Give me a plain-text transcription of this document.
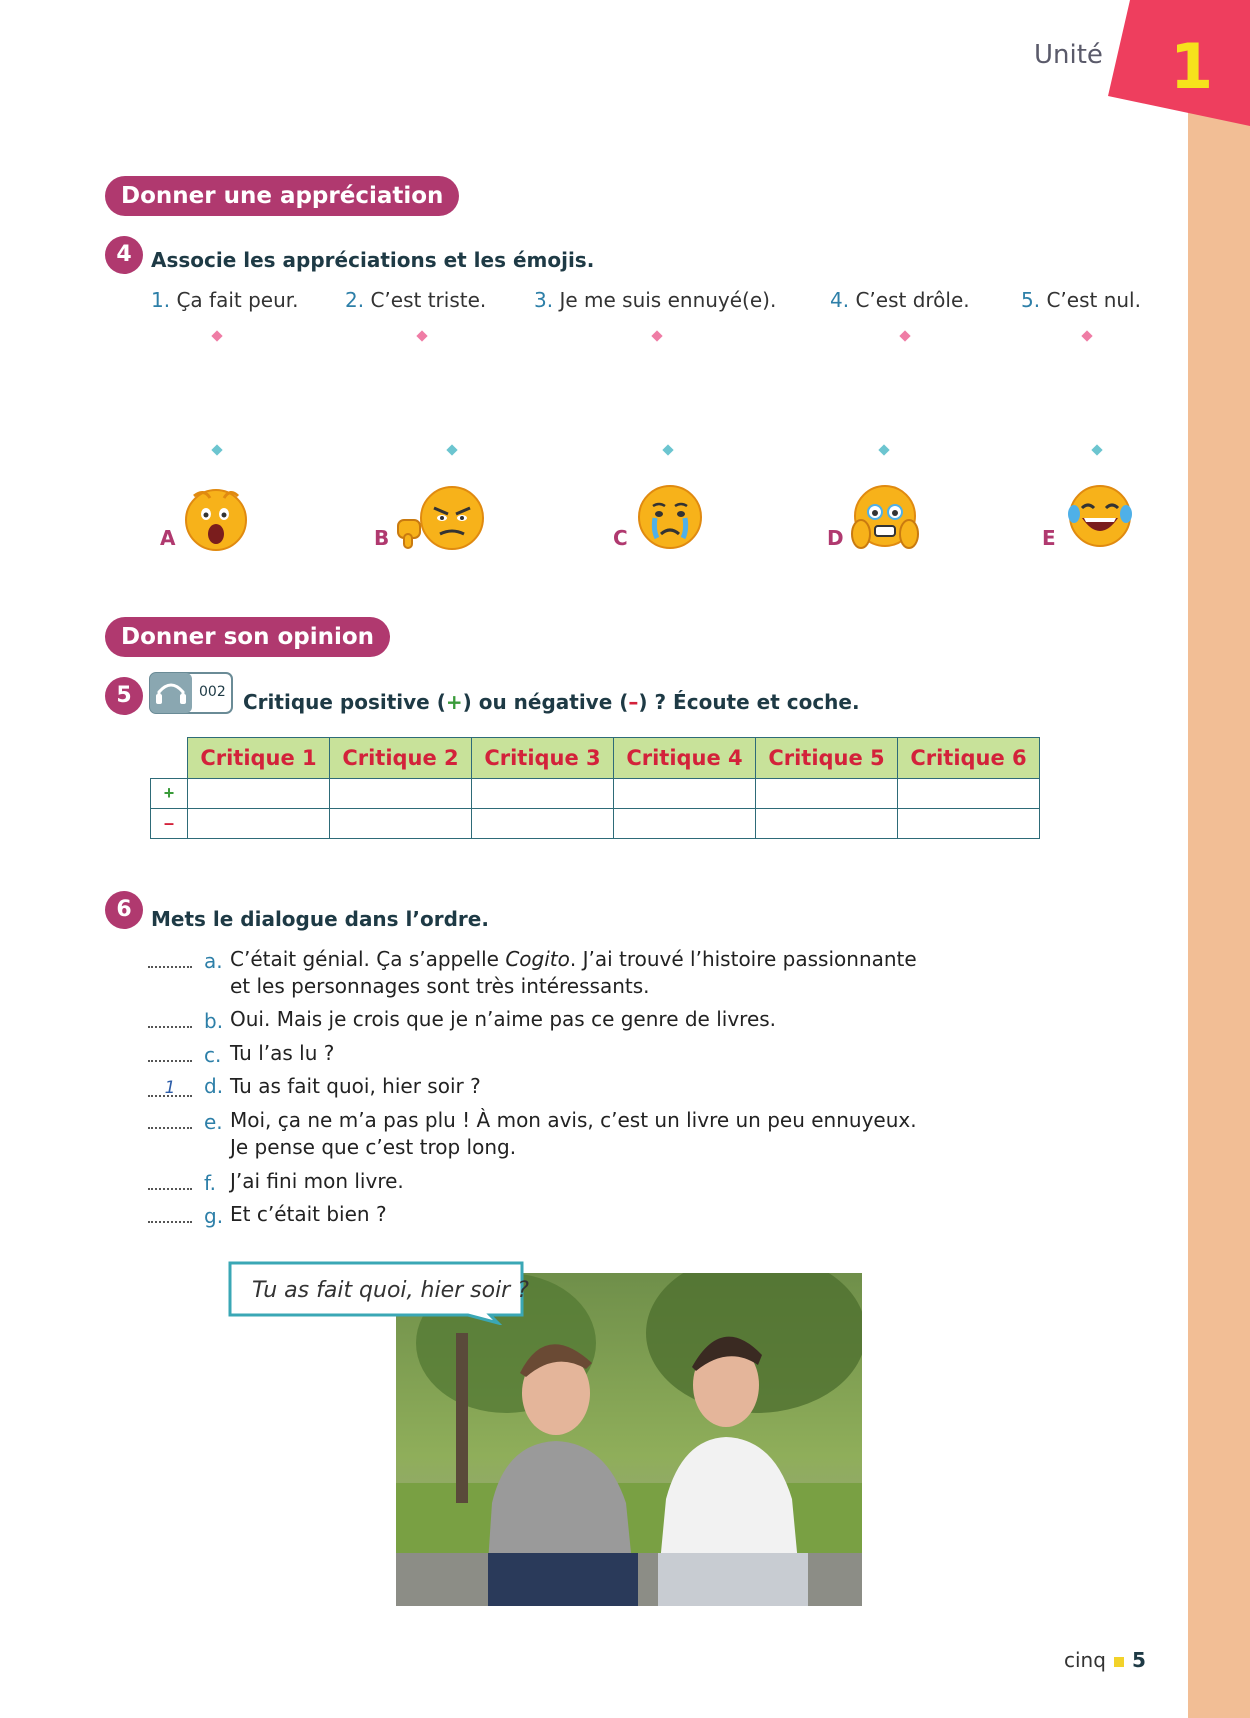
Unité 1
Donner une appréciation
4 Associe les appréciations et les émojis.
1. Ça fait peur. 2. C’est triste. 3. Je me suis ennuyé(e).	4. C’est drôle.	5. C’est nul.
A	B	C	D	E
Donner son opinion
5	002 Critique positive (+) ou négative (–) ? Écoute et coche.
	Critique 1	Critique 2	Critique 3	Critique 4	Critique 5	Critique 6
+						
–						
6 Mets le dialogue dans l’ordre.
a. C’était génial. Ça s’appelle Cogito. J’ai trouvé l’histoire passionnante
et les personnages sont très intéressants.
b. Oui. Mais je crois que je n’aime pas ce genre de livres.
c. Tu l’as lu ?
1 d. Tu as fait quoi, hier soir ?
e. Moi, ça ne m’a pas plu ! À mon avis, c’est un livre un peu ennuyeux.
Je pense que c’est trop long.
f. J’ai fini mon livre.
g. Et c’était bien ?
Tu as fait quoi, hier soir ?
cinq 5
